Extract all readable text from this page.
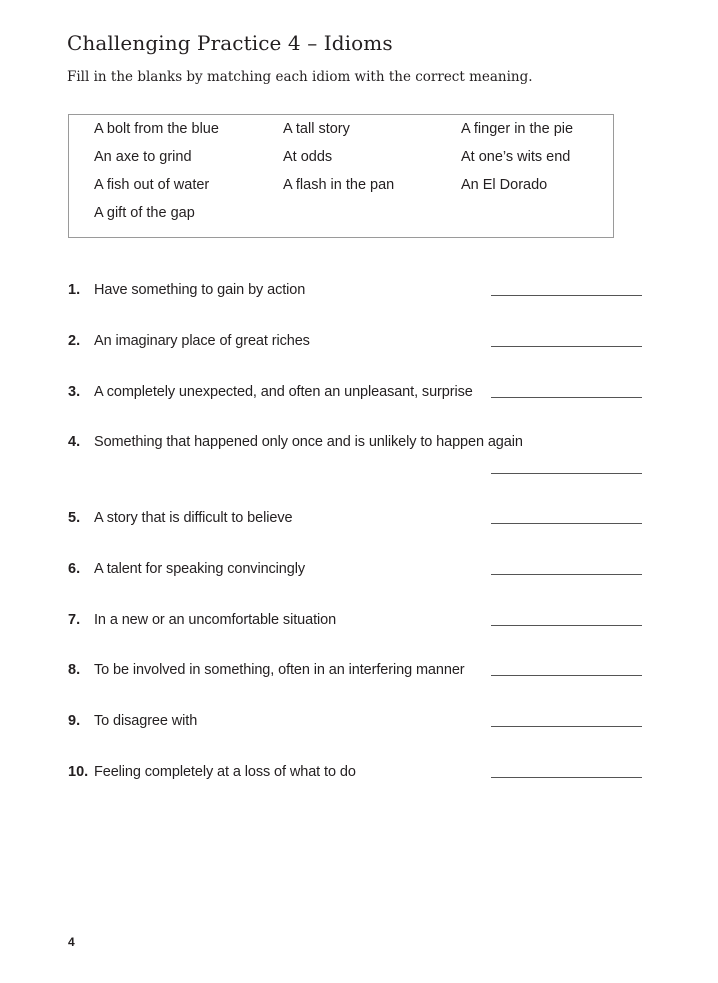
Challenging Practice 4 – Idioms
Fill in the blanks by matching each idiom with the correct meaning.
A bolt from the blue	A tall story	A finger in the pie
An axe to grind	At odds	At one’s wits end
A fish out of water	A flash in the pan	An El Dorado
A gift of the gap
1. Have something to gain by action
2. An imaginary place of great riches
3. A completely unexpected, and often an unpleasant, surprise
4. Something that happened only once and is unlikely to happen again
5. A story that is difficult to believe
6. A talent for speaking convincingly
7. In a new or an uncomfortable situation
8. To be involved in something, often in an interfering manner
9. To disagree with
10. Feeling completely at a loss of what to do
4
